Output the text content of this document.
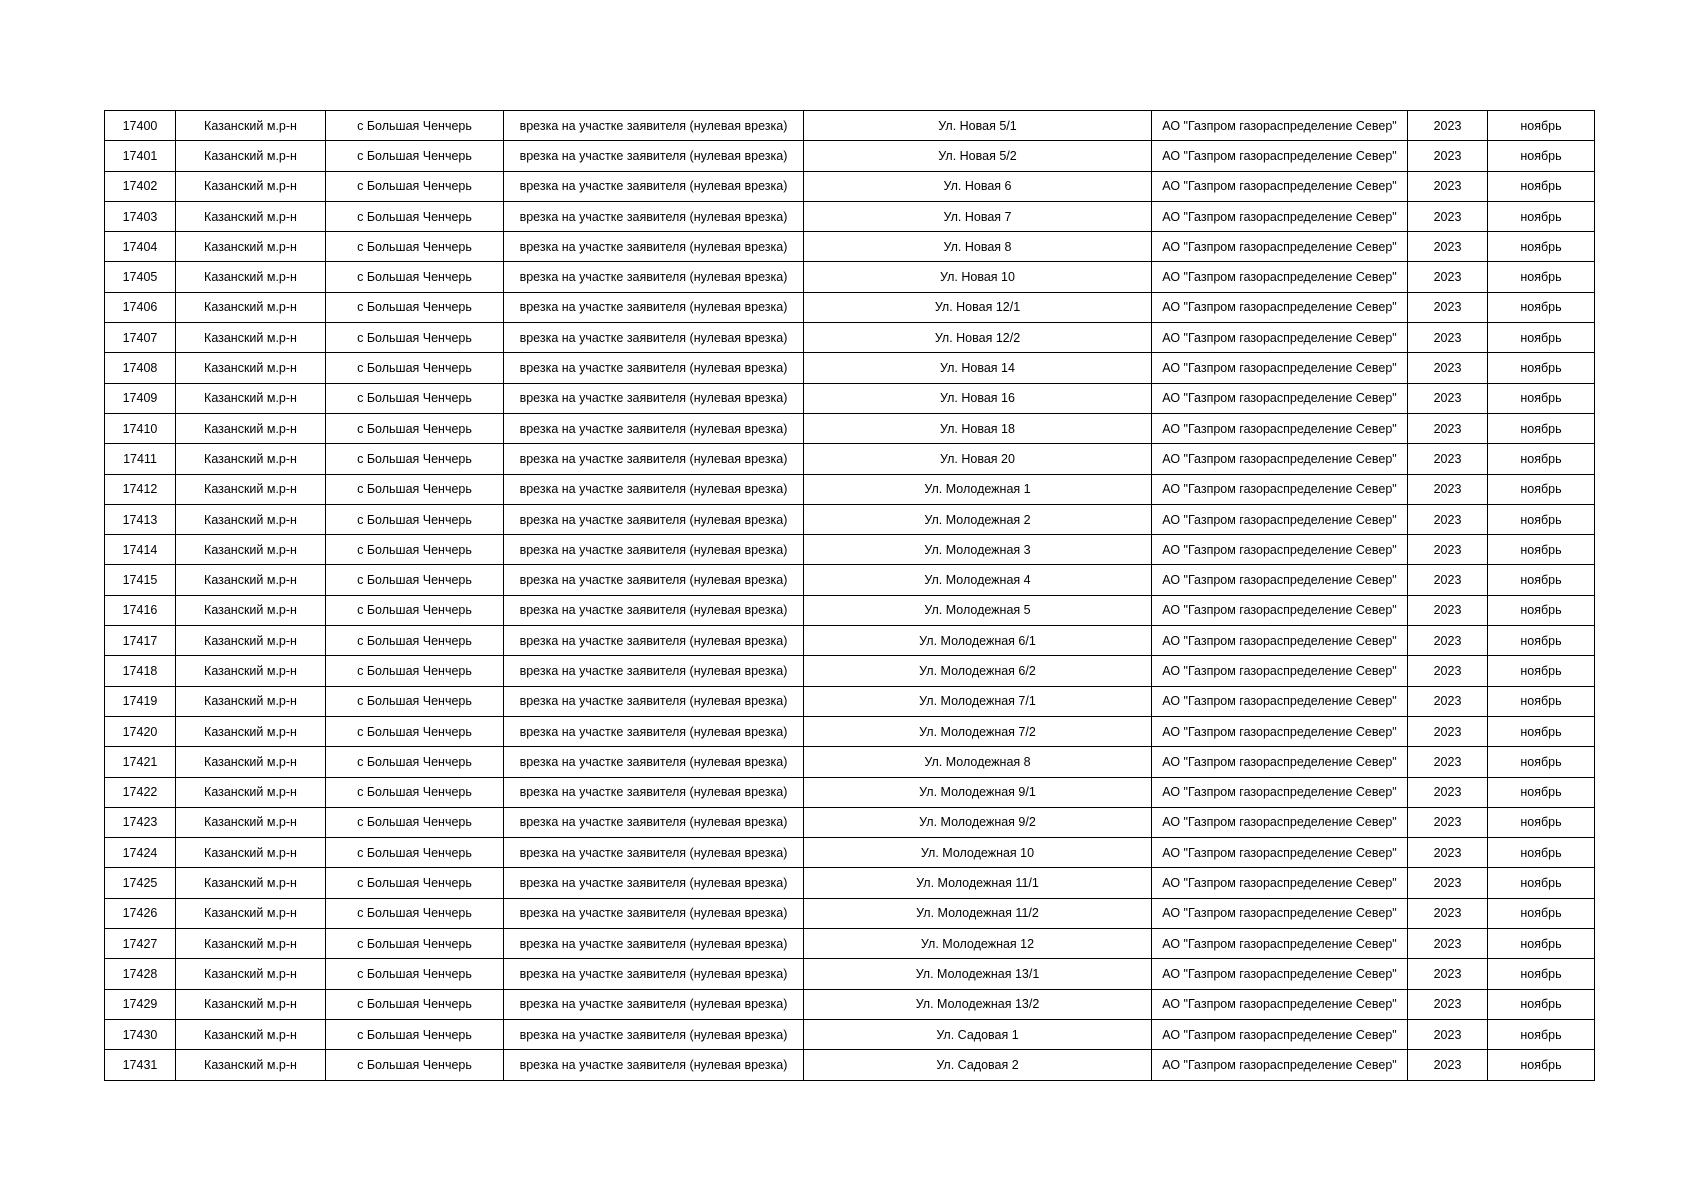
17400	Казанский м.р-н	с Большая Ченчерь	врезка на участке заявителя (нулевая врезка)	Ул. Новая 5/1	АО "Газпром газораспределение Север"	2023	ноябрь
17401	Казанский м.р-н	с Большая Ченчерь	врезка на участке заявителя (нулевая врезка)	Ул. Новая 5/2	АО "Газпром газораспределение Север"	2023	ноябрь
17402	Казанский м.р-н	с Большая Ченчерь	врезка на участке заявителя (нулевая врезка)	Ул. Новая 6	АО "Газпром газораспределение Север"	2023	ноябрь
17403	Казанский м.р-н	с Большая Ченчерь	врезка на участке заявителя (нулевая врезка)	Ул. Новая 7	АО "Газпром газораспределение Север"	2023	ноябрь
17404	Казанский м.р-н	с Большая Ченчерь	врезка на участке заявителя (нулевая врезка)	Ул. Новая 8	АО "Газпром газораспределение Север"	2023	ноябрь
17405	Казанский м.р-н	с Большая Ченчерь	врезка на участке заявителя (нулевая врезка)	Ул. Новая 10	АО "Газпром газораспределение Север"	2023	ноябрь
17406	Казанский м.р-н	с Большая Ченчерь	врезка на участке заявителя (нулевая врезка)	Ул. Новая 12/1	АО "Газпром газораспределение Север"	2023	ноябрь
17407	Казанский м.р-н	с Большая Ченчерь	врезка на участке заявителя (нулевая врезка)	Ул. Новая 12/2	АО "Газпром газораспределение Север"	2023	ноябрь
17408	Казанский м.р-н	с Большая Ченчерь	врезка на участке заявителя (нулевая врезка)	Ул. Новая 14	АО "Газпром газораспределение Север"	2023	ноябрь
17409	Казанский м.р-н	с Большая Ченчерь	врезка на участке заявителя (нулевая врезка)	Ул. Новая 16	АО "Газпром газораспределение Север"	2023	ноябрь
17410	Казанский м.р-н	с Большая Ченчерь	врезка на участке заявителя (нулевая врезка)	Ул. Новая 18	АО "Газпром газораспределение Север"	2023	ноябрь
17411	Казанский м.р-н	с Большая Ченчерь	врезка на участке заявителя (нулевая врезка)	Ул. Новая 20	АО "Газпром газораспределение Север"	2023	ноябрь
17412	Казанский м.р-н	с Большая Ченчерь	врезка на участке заявителя (нулевая врезка)	Ул. Молодежная 1	АО "Газпром газораспределение Север"	2023	ноябрь
17413	Казанский м.р-н	с Большая Ченчерь	врезка на участке заявителя (нулевая врезка)	Ул. Молодежная 2	АО "Газпром газораспределение Север"	2023	ноябрь
17414	Казанский м.р-н	с Большая Ченчерь	врезка на участке заявителя (нулевая врезка)	Ул. Молодежная 3	АО "Газпром газораспределение Север"	2023	ноябрь
17415	Казанский м.р-н	с Большая Ченчерь	врезка на участке заявителя (нулевая врезка)	Ул. Молодежная 4	АО "Газпром газораспределение Север"	2023	ноябрь
17416	Казанский м.р-н	с Большая Ченчерь	врезка на участке заявителя (нулевая врезка)	Ул. Молодежная 5	АО "Газпром газораспределение Север"	2023	ноябрь
17417	Казанский м.р-н	с Большая Ченчерь	врезка на участке заявителя (нулевая врезка)	Ул. Молодежная 6/1	АО "Газпром газораспределение Север"	2023	ноябрь
17418	Казанский м.р-н	с Большая Ченчерь	врезка на участке заявителя (нулевая врезка)	Ул. Молодежная 6/2	АО "Газпром газораспределение Север"	2023	ноябрь
17419	Казанский м.р-н	с Большая Ченчерь	врезка на участке заявителя (нулевая врезка)	Ул. Молодежная 7/1	АО "Газпром газораспределение Север"	2023	ноябрь
17420	Казанский м.р-н	с Большая Ченчерь	врезка на участке заявителя (нулевая врезка)	Ул. Молодежная 7/2	АО "Газпром газораспределение Север"	2023	ноябрь
17421	Казанский м.р-н	с Большая Ченчерь	врезка на участке заявителя (нулевая врезка)	Ул. Молодежная 8	АО "Газпром газораспределение Север"	2023	ноябрь
17422	Казанский м.р-н	с Большая Ченчерь	врезка на участке заявителя (нулевая врезка)	Ул. Молодежная 9/1	АО "Газпром газораспределение Север"	2023	ноябрь
17423	Казанский м.р-н	с Большая Ченчерь	врезка на участке заявителя (нулевая врезка)	Ул. Молодежная 9/2	АО "Газпром газораспределение Север"	2023	ноябрь
17424	Казанский м.р-н	с Большая Ченчерь	врезка на участке заявителя (нулевая врезка)	Ул. Молодежная 10	АО "Газпром газораспределение Север"	2023	ноябрь
17425	Казанский м.р-н	с Большая Ченчерь	врезка на участке заявителя (нулевая врезка)	Ул. Молодежная 11/1	АО "Газпром газораспределение Север"	2023	ноябрь
17426	Казанский м.р-н	с Большая Ченчерь	врезка на участке заявителя (нулевая врезка)	Ул. Молодежная 11/2	АО "Газпром газораспределение Север"	2023	ноябрь
17427	Казанский м.р-н	с Большая Ченчерь	врезка на участке заявителя (нулевая врезка)	Ул. Молодежная 12	АО "Газпром газораспределение Север"	2023	ноябрь
17428	Казанский м.р-н	с Большая Ченчерь	врезка на участке заявителя (нулевая врезка)	Ул. Молодежная 13/1	АО "Газпром газораспределение Север"	2023	ноябрь
17429	Казанский м.р-н	с Большая Ченчерь	врезка на участке заявителя (нулевая врезка)	Ул. Молодежная 13/2	АО "Газпром газораспределение Север"	2023	ноябрь
17430	Казанский м.р-н	с Большая Ченчерь	врезка на участке заявителя (нулевая врезка)	Ул. Садовая 1	АО "Газпром газораспределение Север"	2023	ноябрь
17431	Казанский м.р-н	с Большая Ченчерь	врезка на участке заявителя (нулевая врезка)	Ул. Садовая 2	АО "Газпром газораспределение Север"	2023	ноябрь
